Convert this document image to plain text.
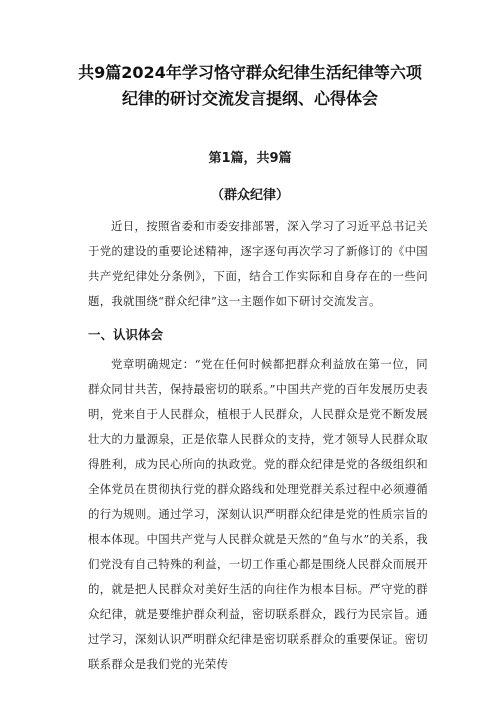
共9篇2024年学习恪守群众纪律生活纪律等六项
纪律的研讨交流发言提纲、心得体会
第1篇，共9篇
（群众纪律）

近日，按照省委和市委安排部署，深入学习了习近平总书记关于党的建设的重要论述精神，逐字逐句再次学习了新修订的《中国共产党纪律处分条例》，下面，结合工作实际和自身存在的一些问题，我就围绕“群众纪律”这一主题作如下研讨交流发言。

一、认识体会

党章明确规定：“党在任何时候都把群众利益放在第一位，同群众同甘共苦，保持最密切的联系。”中国共产党的百年发展历史表明，党来自于人民群众，植根于人民群众，人民群众是党不断发展壮大的力量源泉，正是依靠人民群众的支持，党才领导人民群众取得胜利，成为民心所向的执政党。党的群众纪律是党的各级组织和全体党员在贯彻执行党的群众路线和处理党群关系过程中必须遵循的行为规则。通过学习，深刻认识严明群众纪律是党的性质宗旨的根本体现。中国共产党与人民群众就是天然的“鱼与水”的关系，我们党没有自己特殊的利益，一切工作重心都是围绕人民群众而展开的，就是把人民群众对美好生活的向往作为根本目标。严守党的群众纪律，就是要维护群众利益，密切联系群众，践行为民宗旨。通过学习，深刻认识严明群众纪律是密切联系群众的重要保证。密切联系群众是我们党的光荣传
